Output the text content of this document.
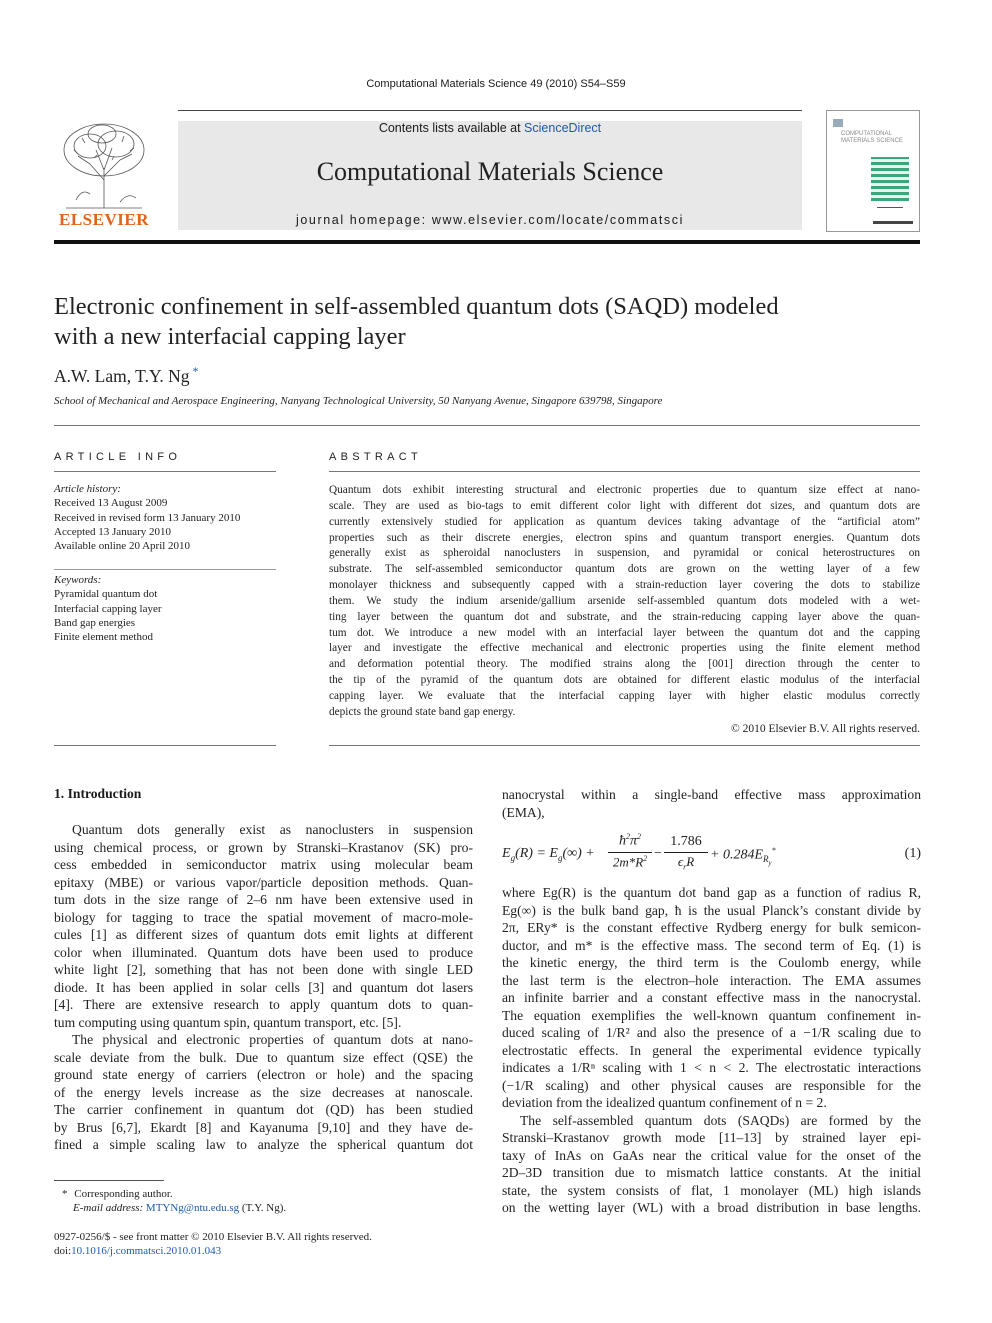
Computational Materials Science 49 (2010) S54–S59
ELSEVIER
Contents lists available at ScienceDirect
Computational Materials Science
journal homepage: www.elsevier.com/locate/commatsci
COMPUTATIONAL MATERIALS SCIENCE
Electronic confinement in self-assembled quantum dots (SAQD) modeled
with a new interfacial capping layer
A.W. Lam, T.Y. Ng *
School of Mechanical and Aerospace Engineering, Nanyang Technological University, 50 Nanyang Avenue, Singapore 639798, Singapore
ARTICLE INFO
Article history:
Received 13 August 2009
Received in revised form 13 January 2010
Accepted 13 January 2010
Available online 20 April 2010
Keywords:
Pyramidal quantum dot
Interfacial capping layer
Band gap energies
Finite element method
ABSTRACT

Quantum dots exhibit interesting structural and electronic properties due to quantum size effect at nano-

scale. They are used as bio-tags to emit different color light with different dot sizes, and quantum dots are

currently extensively studied for application as quantum devices taking advantage of the “artificial atom”

properties such as their discrete energies, electron spins and quantum transport energies. Quantum dots

generally exist as spheroidal nanoclusters in suspension, and pyramidal or conical heterostructures on

substrate. The self-assembled semiconductor quantum dots are grown on the wetting layer of a few

monolayer thickness and subsequently capped with a strain-reduction layer covering the dots to stabilize

them. We study the indium arsenide/gallium arsenide self-assembled quantum dots modeled with a wet-

ting layer between the quantum dot and substrate, and the strain-reducing capping layer above the quan-

tum dot. We introduce a new model with an interfacial layer between the quantum dot and the capping

layer and investigate the effective mechanical and electronic properties using the finite element method

and deformation potential theory. The modified strains along the [001] direction through the center to

the tip of the pyramid of the quantum dots are obtained for different elastic modulus of the interfacial

capping layer. We evaluate that the interfacial capping layer with higher elastic modulus correctly

depicts the ground state band gap energy.

© 2010 Elsevier B.V. All rights reserved.
1. Introduction
Quantum dots generally exist as nanoclusters in suspension
using chemical process, or grown by Stranski–Krastanov (SK) pro-
cess embedded in semiconductor matrix using molecular beam
epitaxy (MBE) or various vapor/particle deposition methods. Quan-
tum dots in the size range of 2–6 nm have been extensive used in
biology for tagging to trace the spatial movement of macro-mole-
cules [1] as different sizes of quantum dots emit lights at different
color when illuminated. Quantum dots have been used to produce
white light [2], something that has not been done with single LED
diode. It has been applied in solar cells [3] and quantum dot lasers
[4]. There are extensive research to apply quantum dots to quan-
tum computing using quantum spin, quantum transport, etc. [5].
The physical and electronic properties of quantum dots at nano-
scale deviate from the bulk. Due to quantum size effect (QSE) the
ground state energy of carriers (electron or hole) and the spacing
of the energy levels increase as the size decreases at nanoscale.
The carrier confinement in quantum dot (QD) has been studied
by Brus [6,7], Ekardt [8] and Kayanuma [9,10] and they have de-
fined a simple scaling law to analyze the spherical quantum dot
nanocrystal within a single-band effective mass approximation
(EMA),
$E_g(R) = E_g(\infty)$ +
$ħ^2\pi^2$
$2m*R^2$ −
1.786
$\epsilon_rR$	+ $0.284E_{R_y}^*$	(1)
where Eg(R) is the quantum dot band gap as a function of radius R,
Eg(∞) is the bulk band gap, ħ is the usual Planck’s constant divide by
2π, ERy* is the constant effective Rydberg energy for bulk semicon-
ductor, and m* is the effective mass. The second term of Eq. (1) is
the kinetic energy, the third term is the Coulomb energy, while
the last term is the electron–hole interaction. The EMA assumes
an infinite barrier and a constant effective mass in the nanocrystal.
The equation exemplifies the well-known quantum confinement in-
duced scaling of 1/R² and also the presence of a −1/R scaling due to
electrostatic effects. In general the experimental evidence typically
indicates a 1/Rⁿ scaling with 1 < n < 2. The electrostatic interactions
(−1/R scaling) and other physical causes are responsible for the
deviation from the idealized quantum confinement of n = 2.
The self-assembled quantum dots (SAQDs) are formed by the
Stranski–Krastanov growth mode [11–13] by strained layer epi-
taxy of InAs on GaAs near the critical value for the onset of the
2D–3D transition due to mismatch lattice constants. At the initial
state, the system consists of flat, 1 monolayer (ML) high islands
on the wetting layer (WL) with a broad distribution in base lengths.
* Corresponding author.
E-mail address: MTYNg@ntu.edu.sg (T.Y. Ng).
0927-0256/$ - see front matter © 2010 Elsevier B.V. All rights reserved.
doi:10.1016/j.commatsci.2010.01.043
